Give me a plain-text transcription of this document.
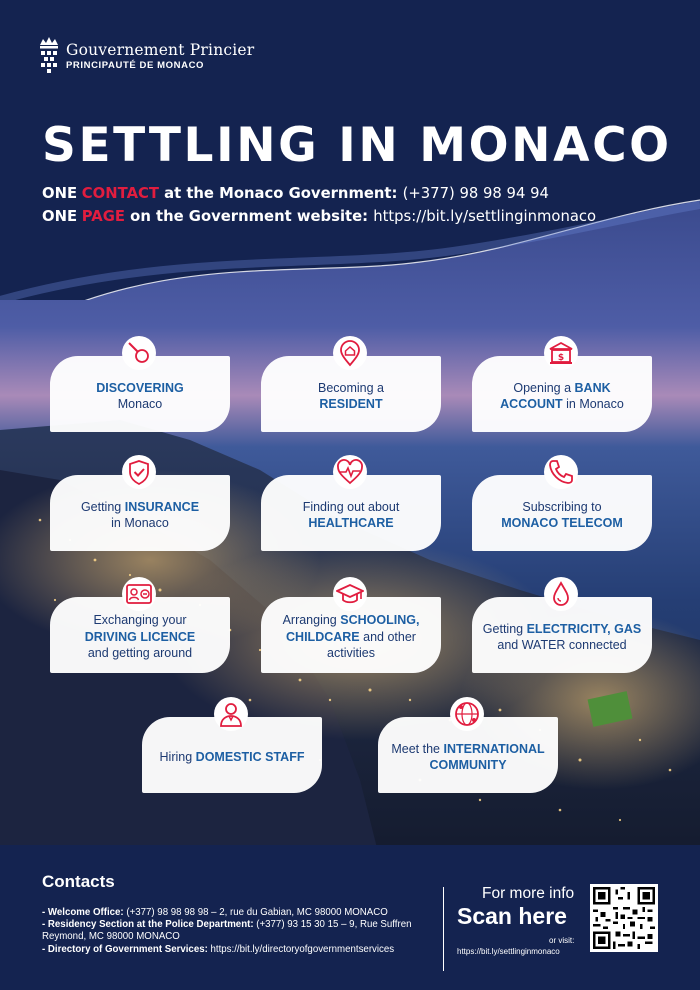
Gouvernement Princier
PRINCIPAUTÉ DE MONACO
SETTLING IN MONACO
ONE CONTACT at the Monaco Government: (+377) 98 98 94 94
ONE PAGE on the Government website: https://bit.ly/settlinginmonaco
DISCOVERING
Monaco
Becoming a
RESIDENT
Opening a BANK ACCOUNT in Monaco
$
Getting INSURANCE
in Monaco
Finding out about
HEALTHCARE
Subscribing to
MONACO TELECOM
Exchanging your
DRIVING LICENCE
and getting around
Arranging SCHOOLING, CHILDCARE and other activities
Getting ELECTRICITY, GAS and WATER connected
Hiring DOMESTIC STAFF
Meet the INTERNATIONAL COMMUNITY
Contacts
- Welcome Office: (+377) 98 98 98 98 – 2, rue du Gabian, MC 98000 MONACO
- Residency Section at the Police Department: (+377) 93 15 30 15 – 9, Rue Suffren Reymond, MC 98000 MONACO
- Directory of Government Services: https://bit.ly/directoryofgovernmentservices
For more info
Scan here
or visit:
https://bit.ly/settlinginmonaco
